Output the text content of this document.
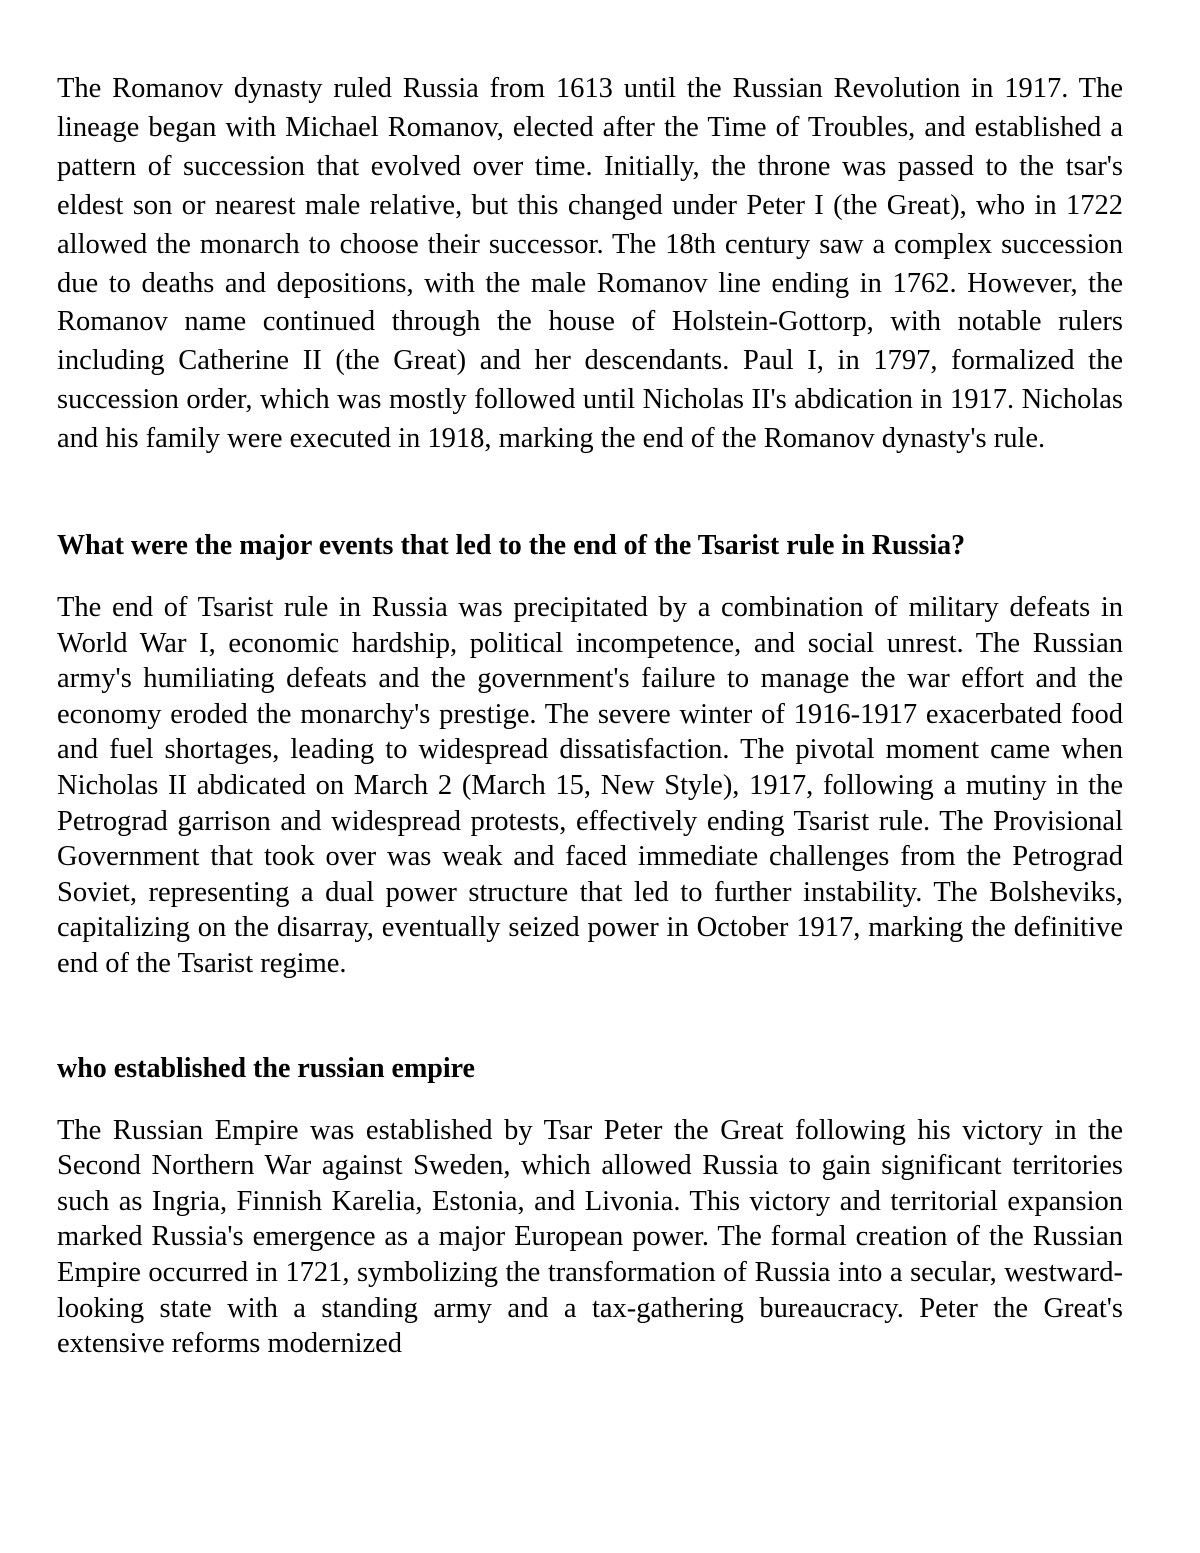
The Romanov dynasty ruled Russia from 1613 until the Russian Revolution in 1917. The lineage began with Michael Romanov, elected after the Time of Troubles, and established a pattern of succession that evolved over time. Initially, the throne was passed to the tsar's eldest son or nearest male relative, but this changed under Peter I (the Great), who in 1722 allowed the monarch to choose their successor. The 18th century saw a complex succession due to deaths and depositions, with the male Romanov line ending in 1762. However, the Romanov name continued through the house of Holstein-Gottorp, with notable rulers including Catherine II (the Great) and her descendants. Paul I, in 1797, formalized the succession order, which was mostly followed until Nicholas II's abdication in 1917. Nicholas and his family were executed in 1918, marking the end of the Romanov dynasty's rule.

What were the major events that led to the end of the Tsarist rule in Russia?

The end of Tsarist rule in Russia was precipitated by a combination of military defeats in World War I, economic hardship, political incompetence, and social unrest. The Russian army's humiliating defeats and the government's failure to manage the war effort and the economy eroded the monarchy's prestige. The severe winter of 1916-1917 exacerbated food and fuel shortages, leading to widespread dissatisfaction. The pivotal moment came when Nicholas II abdicated on March 2 (March 15, New Style), 1917, following a mutiny in the Petrograd garrison and widespread protests, effectively ending Tsarist rule. The Provisional Government that took over was weak and faced immediate challenges from the Petrograd Soviet, representing a dual power structure that led to further instability. The Bolsheviks, capitalizing on the disarray, eventually seized power in October 1917, marking the definitive end of the Tsarist regime.

who established the russian empire

The Russian Empire was established by Tsar Peter the Great following his victory in the Second Northern War against Sweden, which allowed Russia to gain significant territories such as Ingria, Finnish Karelia, Estonia, and Livonia. This victory and territorial expansion marked Russia's emergence as a major European power. The formal creation of the Russian Empire occurred in 1721, symbolizing the transformation of Russia into a secular, westward-looking state with a standing army and a tax-gathering bureaucracy. Peter the Great's extensive reforms modernized
